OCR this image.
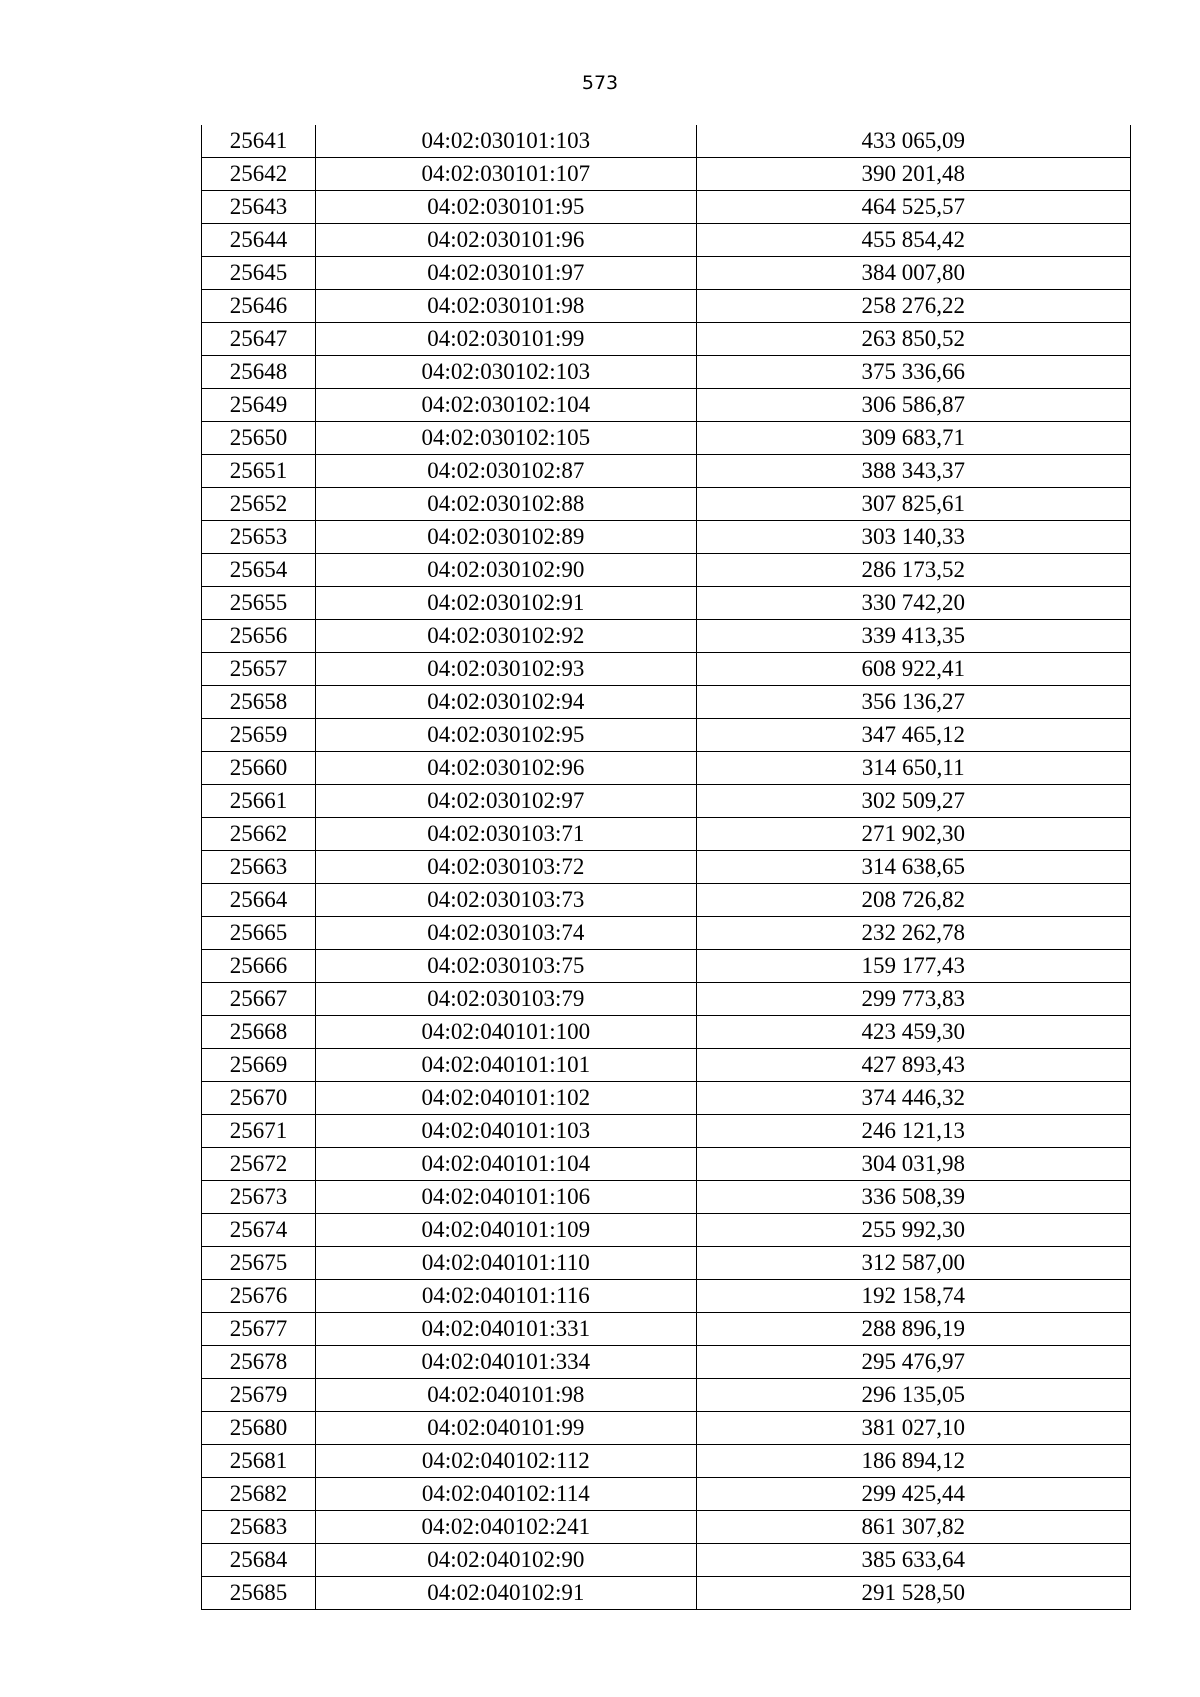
573
25641	04:02:030101:103	433 065,09
25642	04:02:030101:107	390 201,48
25643	04:02:030101:95	464 525,57
25644	04:02:030101:96	455 854,42
25645	04:02:030101:97	384 007,80
25646	04:02:030101:98	258 276,22
25647	04:02:030101:99	263 850,52
25648	04:02:030102:103	375 336,66
25649	04:02:030102:104	306 586,87
25650	04:02:030102:105	309 683,71
25651	04:02:030102:87	388 343,37
25652	04:02:030102:88	307 825,61
25653	04:02:030102:89	303 140,33
25654	04:02:030102:90	286 173,52
25655	04:02:030102:91	330 742,20
25656	04:02:030102:92	339 413,35
25657	04:02:030102:93	608 922,41
25658	04:02:030102:94	356 136,27
25659	04:02:030102:95	347 465,12
25660	04:02:030102:96	314 650,11
25661	04:02:030102:97	302 509,27
25662	04:02:030103:71	271 902,30
25663	04:02:030103:72	314 638,65
25664	04:02:030103:73	208 726,82
25665	04:02:030103:74	232 262,78
25666	04:02:030103:75	159 177,43
25667	04:02:030103:79	299 773,83
25668	04:02:040101:100	423 459,30
25669	04:02:040101:101	427 893,43
25670	04:02:040101:102	374 446,32
25671	04:02:040101:103	246 121,13
25672	04:02:040101:104	304 031,98
25673	04:02:040101:106	336 508,39
25674	04:02:040101:109	255 992,30
25675	04:02:040101:110	312 587,00
25676	04:02:040101:116	192 158,74
25677	04:02:040101:331	288 896,19
25678	04:02:040101:334	295 476,97
25679	04:02:040101:98	296 135,05
25680	04:02:040101:99	381 027,10
25681	04:02:040102:112	186 894,12
25682	04:02:040102:114	299 425,44
25683	04:02:040102:241	861 307,82
25684	04:02:040102:90	385 633,64
25685	04:02:040102:91	291 528,50
